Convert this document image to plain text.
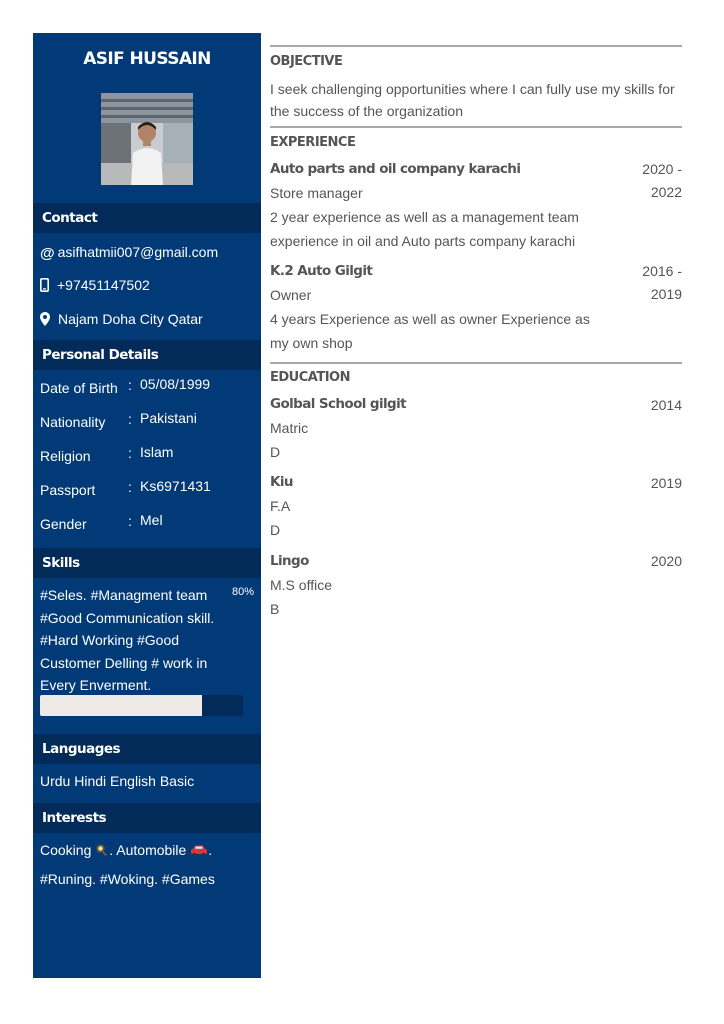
ASIF HUSSAIN
Contact
@ asifhatmii007@gmail.com
+97451147502
Najam Doha City Qatar
Personal Details
Date of Birth : 05/08/1999
Nationality : Pakistani
Religion	: Islam
Passport : Ks6971431
Gender	: Mel
Skills
#Seles. #Managment team #Good Communication skill. #Hard Working #Good Customer Delling # work in Every Enverment.
80%
Languages
Urdu Hindi English Basic
Interests
Cooking . Automobile .
#Runing. #Woking. #Games
OBJECTIVE
I seek challenging opportunities where I can fully use my skills for the success of the organization
EXPERIENCE
Auto parts and oil company karachi	2020 -
2022
Store manager
2 year experience as well as a management team experience in oil and Auto parts company karachi
K.2 Auto Gilgit	2016 -
2019
Owner
4 years Experience as well as owner Experience as my own shop
EDUCATION
Golbal School gilgit	2014
Matric
D
Kiu	2019
F.A
D
Lingo	2020
M.S office
B
